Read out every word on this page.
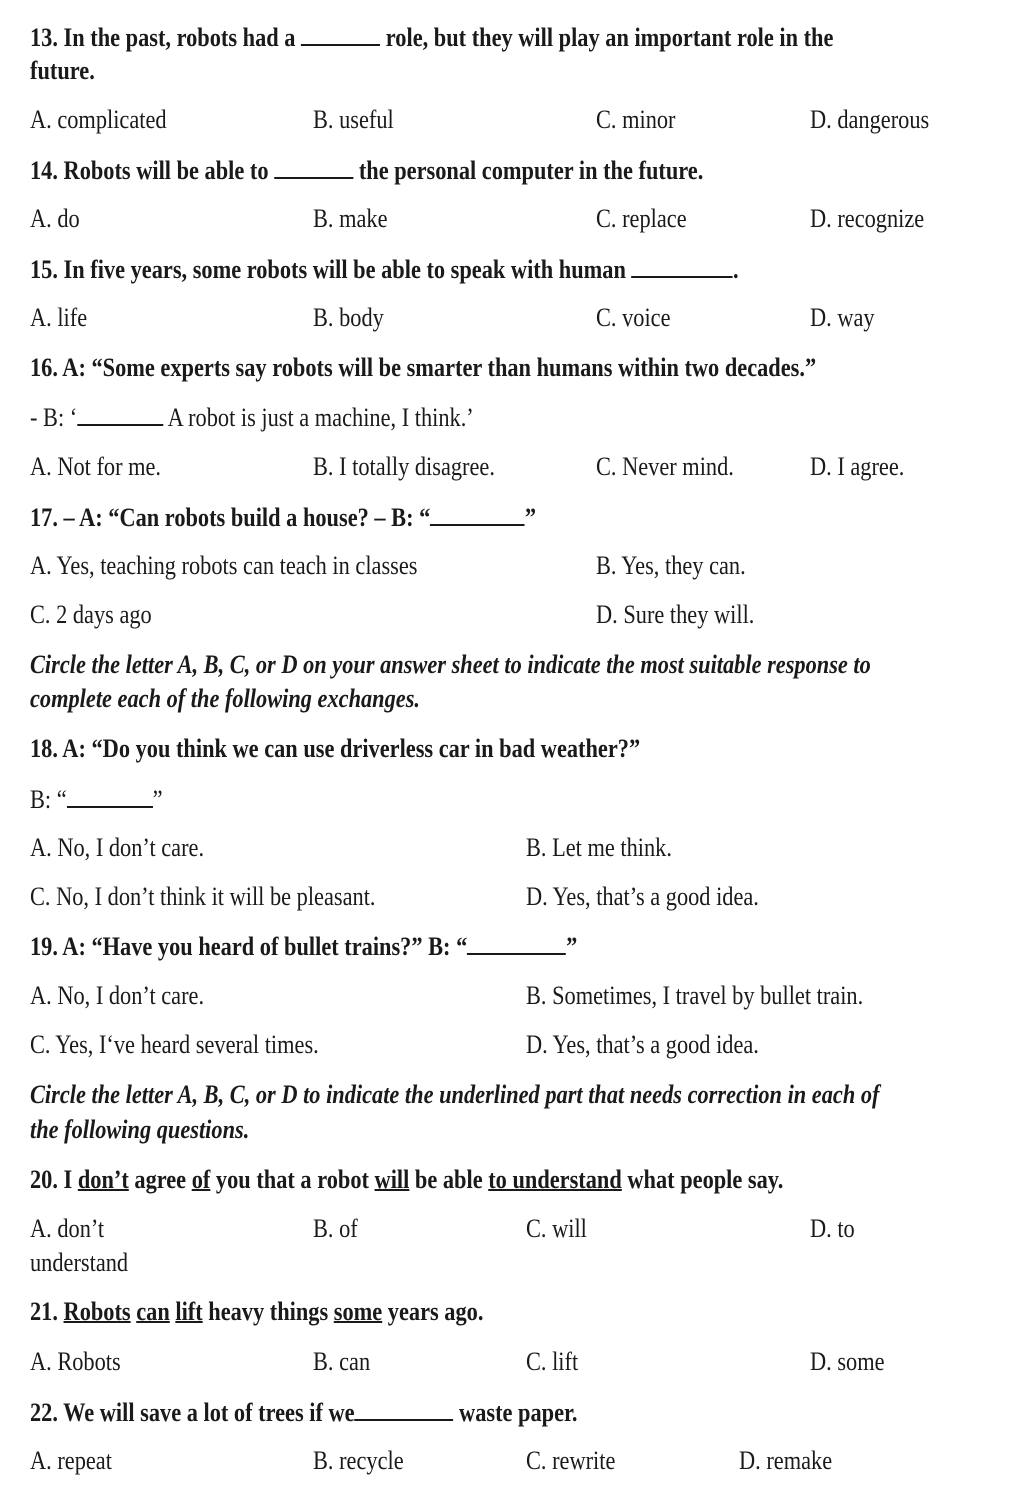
13. In the past, robots had a	role, but they will play an important role in the
future.
A. complicated	B. useful	C. minor	D. dangerous
14. Robots will be able to	the personal computer in the future.
A. do	B. make	C. replace	D. recognize
15. In five years, some robots will be able to speak with human	.
A. life	B. body	C. voice	D. way
16. A: “Some experts say robots will be smarter than humans within two decades.”
- B: ‘	A robot is just a machine, I think.’
A. Not for me.	B. I totally disagree.	C. Never mind.	D. I agree.
17. – A: “Can robots build a house? – B: “	”
A. Yes, teaching robots can teach in classes	B. Yes, they can.
C. 2 days ago	D. Sure they will.
Circle the letter A, B, C, or D on your answer sheet to indicate the most suitable response to
complete each of the following exchanges.
18. A: “Do you think we can use driverless car in bad weather?”
B: “	”
A. No, I don’t care.	B. Let me think.
C. No, I don’t think it will be pleasant.	D. Yes, that’s a good idea.
19. A: “Have you heard of bullet trains?” B: “	”
A. No, I don’t care.	B. Sometimes, I travel by bullet train.
C. Yes, I‘ve heard several times.	D. Yes, that’s a good idea.
Circle the letter A, B, C, or D to indicate the underlined part that needs correction in each of
the following questions.
20. I don’t agree of you that a robot will be able to understand what people say.
A. don’t	B. of	C. will	D. to
understand
21. Robots can lift heavy things some years ago.
A. Robots	B. can	C. lift	D. some
22. We will save a lot of trees if we	waste paper.
A. repeat	B. recycle	C. rewrite	D. remake
